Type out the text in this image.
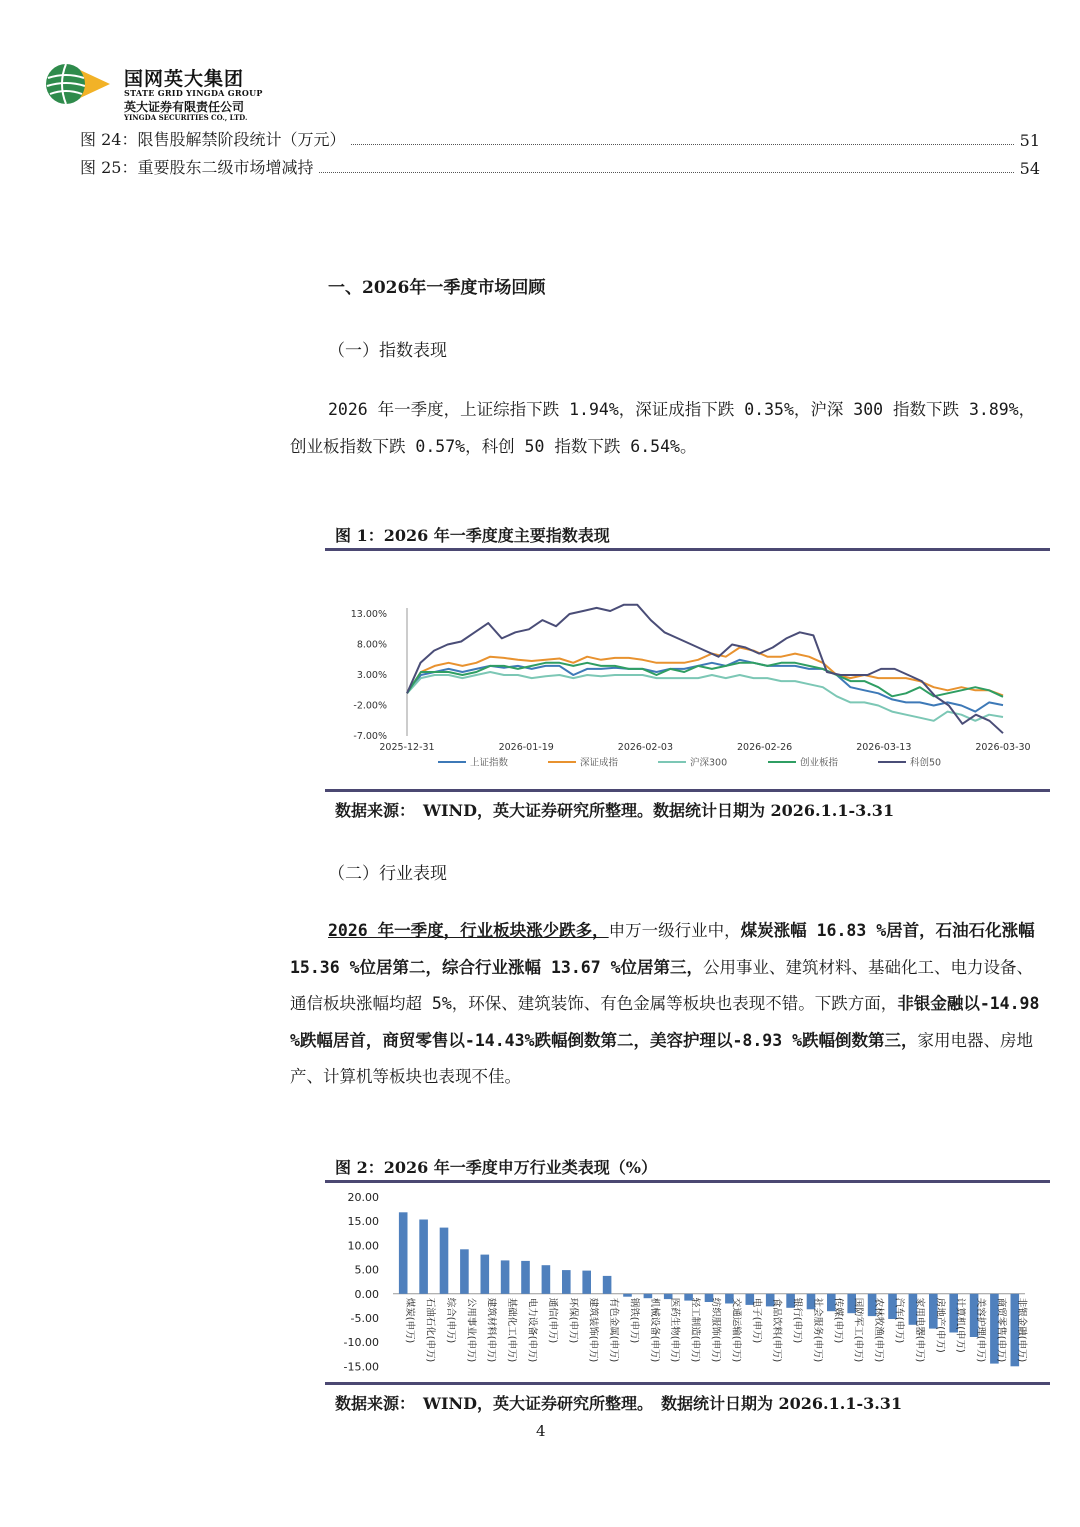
国网英大集团
STATE GRID YINGDA GROUP
英大证券有限责任公司
YINGDA SECURITIES CO., LTD.
图 24：限售股解禁阶段统计（万元）	51
图 25：重要股东二级市场增减持	54
一、2026年一季度市场回顾
（一）指数表现
2026 年一季度，上证综指下跌 1.94%，深证成指下跌 0.35%，沪深 300 指数下跌 3.89%，创业板指数下跌 0.57%，科创 50 指数下跌 6.54%。
图 1：2026 年一季度度主要指数表现
13.00%
8.00%
3.00%
-2.00%
-7.00%
2025-12-31	2026-01-19	2026-02-03	2026-02-26	2026-03-13	2026-03-30
上证指数	深证成指	沪深300	创业板指	科创50
数据来源：　WIND，英大证券研究所整理。数据统计日期为 2026.1.1-3.31
（二）行业表现
2026 年一季度，行业板块涨少跌多，申万一级行业中，煤炭涨幅 16.83 %居首，石油石化涨幅 15.36 %位居第二，综合行业涨幅 13.67 %位居第三，公用事业、建筑材料、基础化工、电力设备、通信板块涨幅均超 5%，环保、建筑装饰、有色金属等板块也表现不错。下跌方面，非银金融以-14.98 %跌幅居首，商贸零售以-14.43%跌幅倒数第二，美容护理以-8.93 %跌幅倒数第三，家用电器、房地产、计算机等板块也表现不佳。
图 2：2026 年一季度申万行业类表现（%）
20.00
15.00
10.00
5.00
0.00
-5.00
-10.00
-15.00
煤炭(申万) 石油石化(申万) 综合(申万) 公用事业(申万) 建筑材料(申万) 基础化工(申万) 电力设备(申万) 通信(申万) 环保(申万) 建筑装饰(申万) 有色金属(申万) 钢铁(申万) 机械设备(申万) 医药生物(申万) 轻工制造(申万) 纺织服饰(申万) 交通运输(申万) 电子(申万) 食品饮料(申万) 银行(申万) 社会服务(申万) 传媒(申万) 国防军工(申万) 农林牧渔(申万) 汽车(申万) 家用电器(申万) 房地产(申万) 计算机(申万) 美容护理(申万) 商贸零售(申万) 非银金融(申万)
数据来源：　WIND，英大证券研究所整理。　数据统计日期为 2026.1.1-3.31
4
